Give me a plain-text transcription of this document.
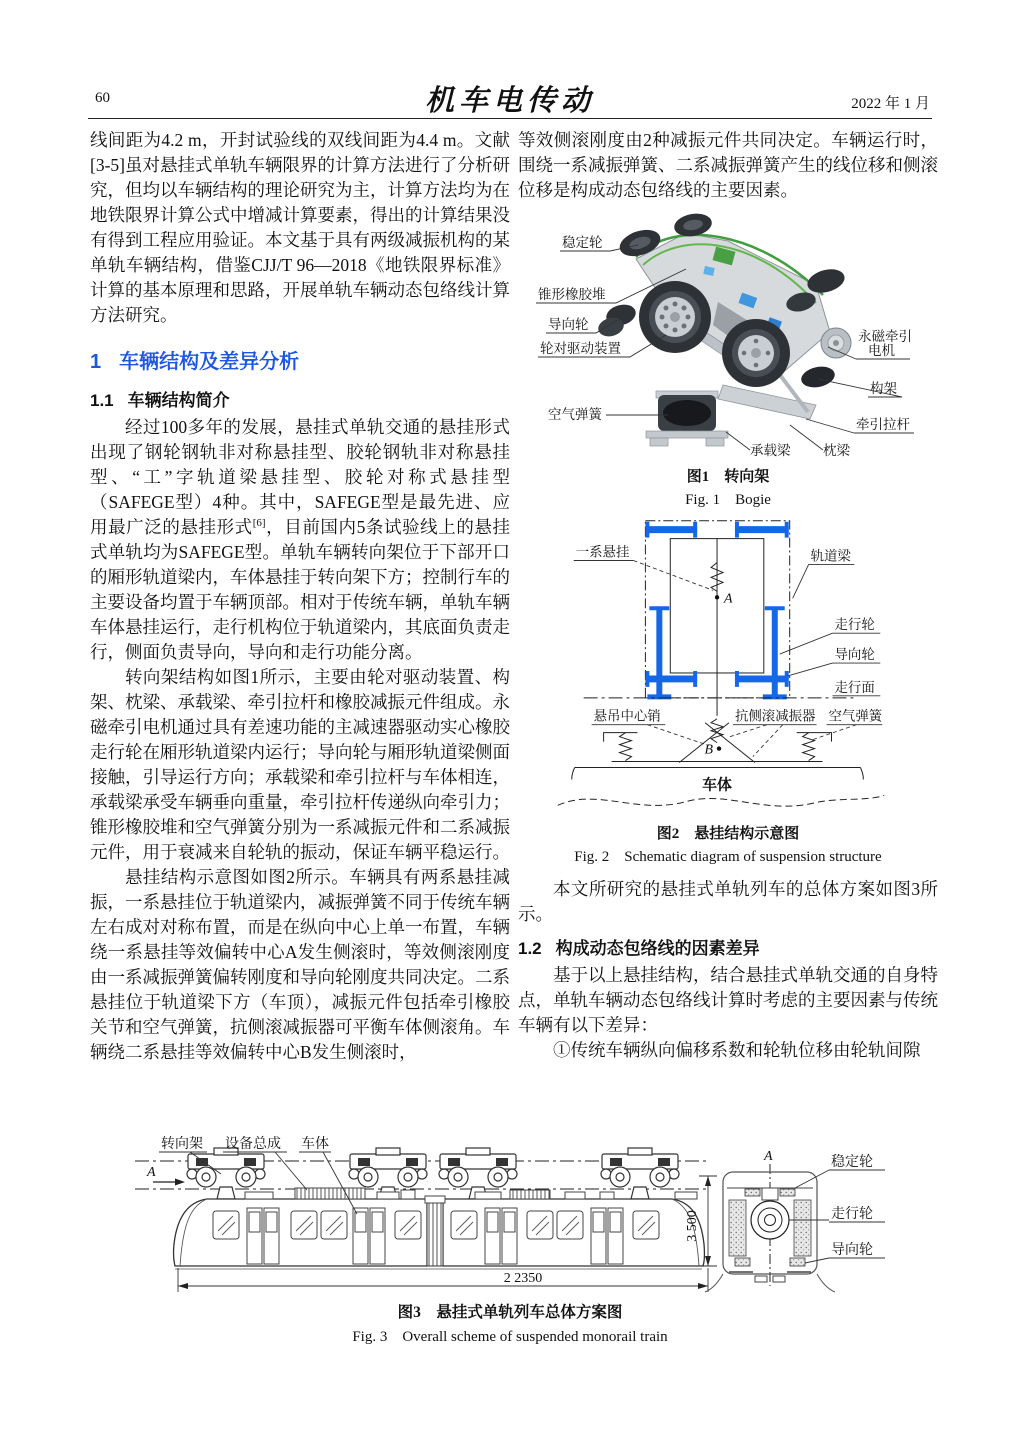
60	机车电传动	2022 年 1 月

线间距为4.2 m，开封试验线的双线间距为4.4 m。文献[3-5]虽对悬挂式单轨车辆限界的计算方法进行了分析研究，但均以车辆结构的理论研究为主，计算方法均为在地铁限界计算公式中增减计算要素，得出的计算结果没有得到工程应用验证。本文基于具有两级减振机构的某单轨车辆结构，借鉴CJJ/T 96—2018《地铁限界标准》计算的基本原理和思路，开展单轨车辆动态包络线计算方法研究。

1 车辆结构及差异分析
1.1 车辆结构简介

经过100多年的发展，悬挂式单轨交通的悬挂形式出现了钢轮钢轨非对称悬挂型、胶轮钢轨非对称悬挂型、“工”字轨道梁悬挂型、胶轮对称式悬挂型（SAFEGE型）4种。其中，SAFEGE型是最先进、应用最广泛的悬挂形式[6]，目前国内5条试验线上的悬挂式单轨均为SAFEGE型。单轨车辆转向架位于下部开口的厢形轨道梁内，车体悬挂于转向架下方；控制行车的主要设备均置于车辆顶部。相对于传统车辆，单轨车辆车体悬挂运行，走行机构位于轨道梁内，其底面负责走行，侧面负责导向，导向和走行功能分离。

转向架结构如图1所示，主要由轮对驱动装置、构架、枕梁、承载梁、牵引拉杆和橡胶减振元件组成。永磁牵引电机通过具有差速功能的主减速器驱动实心橡胶走行轮在厢形轨道梁内运行；导向轮与厢形轨道梁侧面接触，引导运行方向；承载梁和牵引拉杆与车体相连，承载梁承受车辆垂向重量，牵引拉杆传递纵向牵引力；锥形橡胶堆和空气弹簧分别为一系减振元件和二系减振元件，用于衰减来自轮轨的振动，保证车辆平稳运行。

悬挂结构示意图如图2所示。车辆具有两系悬挂减振，一系悬挂位于轨道梁内，减振弹簧不同于传统车辆左右成对对称布置，而是在纵向中心上单一布置，车辆绕一系悬挂等效偏转中心A发生侧滚时，等效侧滚刚度由一系减振弹簧偏转刚度和导向轮刚度共同决定。二系悬挂位于轨道梁下方（车顶），减振元件包括牵引橡胶关节和空气弹簧，抗侧滚减振器可平衡车体侧滚角。车辆绕二系悬挂等效偏转中心B发生侧滚时，

等效侧滚刚度由2种减振元件共同决定。车辆运行时，围绕一系减振弹簧、二系减振弹簧产生的线位移和侧滚位移是构成动态包络线的主要因素。

稳定轮
锥形橡胶堆
导向轮
轮对驱动装置
空气弹簧
永磁牵引
电机
构架
牵引拉杆
承载梁 枕梁

图1　转向架
Fig. 1　Bogie

A
B
车体
一系悬挂	轨道梁
走行轮
导向轮
走行面
悬吊中心销	抗侧滚减振器 空气弹簧

图2　悬挂结构示意图
Fig. 2　Schematic diagram of suspension structure

本文所研究的悬挂式单轨列车的总体方案如图3所示。

1.2 构成动态包络线的因素差异

基于以上悬挂结构，结合悬挂式单轨交通的自身特点，单轨车辆动态包络线计算时考虑的主要因素与传统车辆有以下差异：

①传统车辆纵向偏移系数和轮轨位移由轮轨间隙

A
转向架 设备总成 车体
2 2350
3 500
A	稳定轮
走行轮
导向轮
图3　悬挂式单轨列车总体方案图
Fig. 3　Overall scheme of suspended monorail train
